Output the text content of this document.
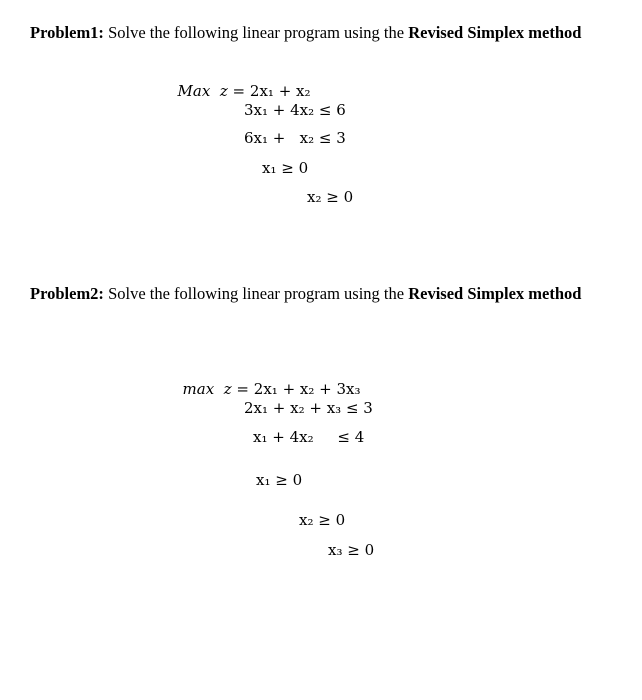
Problem1: Solve the following linear program using the Revised Simplex method

Max z = 2x₁ + x₂

3x₁ + 4x₂ ≤ 6
6x₁ +   x₂ ≤ 3
x₁ ≥ 0
x₂ ≥ 0
Problem2: Solve the following linear program using the Revised Simplex method

max z = 2x₁ + x₂ + 3x₃

2x₁ + x₂ + x₃ ≤ 3
x₁ + 4x₂     ≤ 4
x₁ ≥ 0
x₂ ≥ 0
x₃ ≥ 0
